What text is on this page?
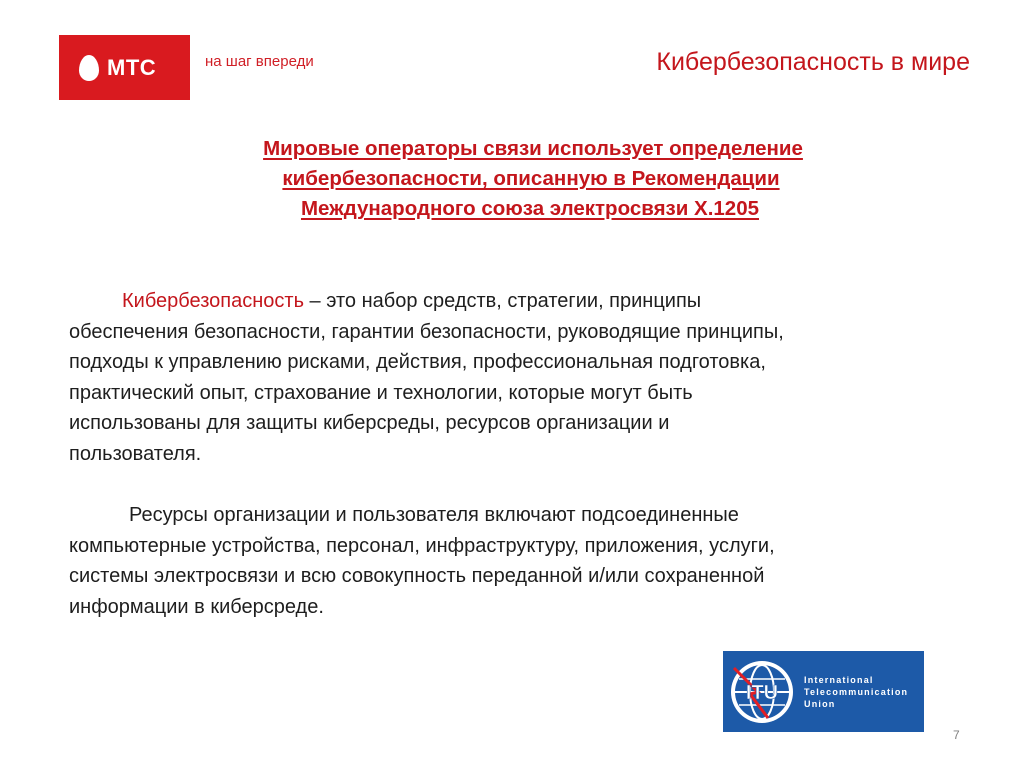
МТС	на шаг впереди	Кибербезопасность в мире
Мировые операторы связи использует определение
кибербезопасности, описанную в Рекомендации
Международного союза электросвязи Х.1205
Кибербезопасность – это набор средств, стратегии, принципы
обеспечения безопасности, гарантии безопасности, руководящие принципы,
подходы к управлению рисками, действия, профессиональная подготовка,
практический опыт, страхование и технологии, которые могут быть
использованы для защиты киберсреды, ресурсов организации и
пользователя.
Ресурсы организации и пользователя включают подсоединенные
компьютерные устройства, персонал, инфраструктуру, приложения, услуги,
системы электросвязи и всю совокупность переданной и/или сохраненной
информации в киберсреде.
ITU
International
Telecommunication
Union
7
